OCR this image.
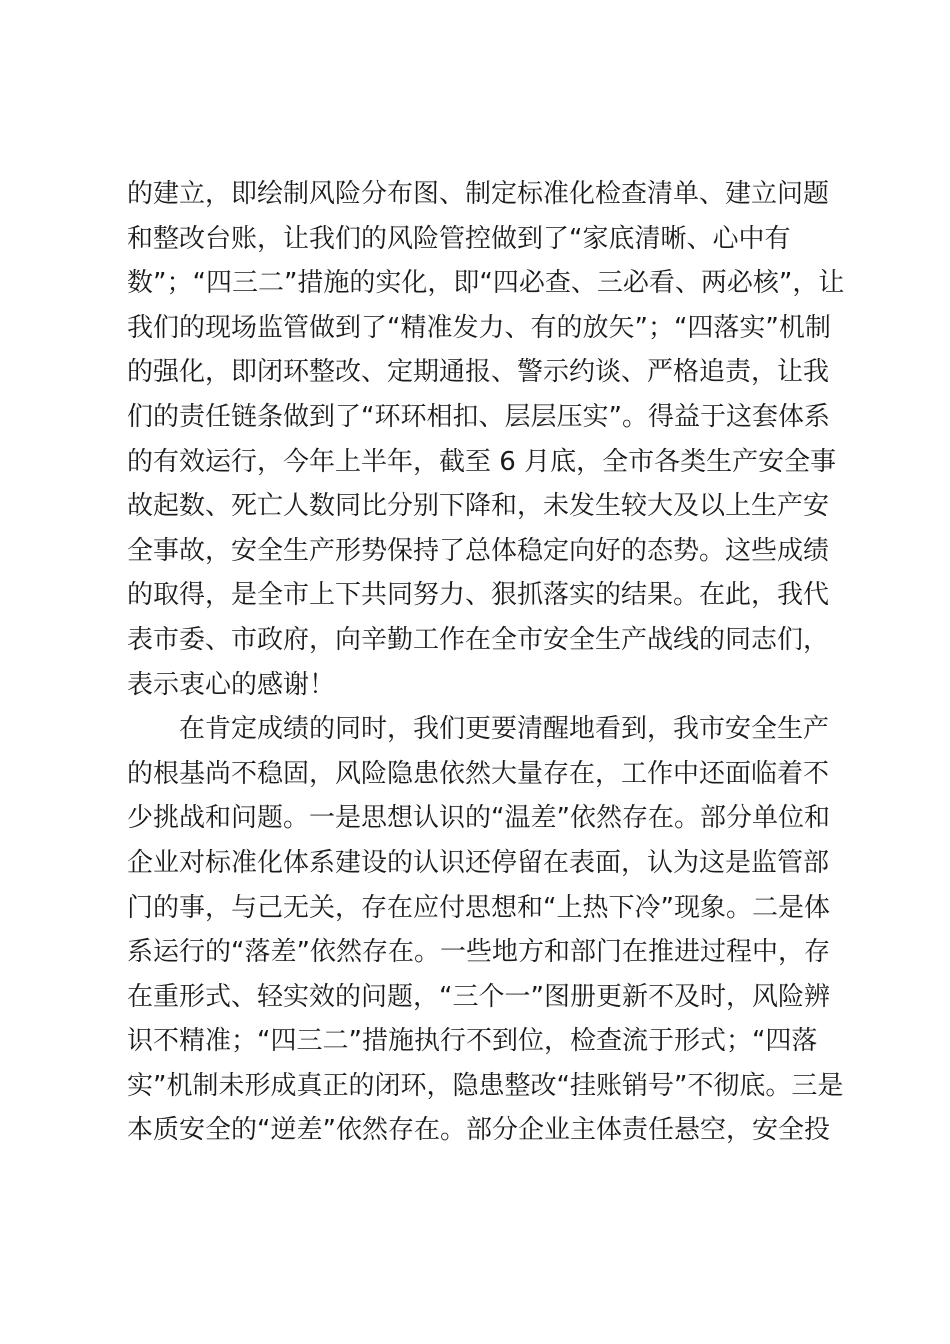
的建立，即绘制风险分布图、制定标准化检查清单、建立问题
和整改台账，让我们的风险管控做到了“家底清晰、心中有
数”；“四三二”措施的实化，即“四必查、三必看、两必核”，让
我们的现场监管做到了“精准发力、有的放矢”；“四落实”机制
的强化，即闭环整改、定期通报、警示约谈、严格追责，让我
们的责任链条做到了“环环相扣、层层压实”。得益于这套体系
的有效运行，今年上半年，截至 6 月底，全市各类生产安全事
故起数、死亡人数同比分别下降和，未发生较大及以上生产安
全事故，安全生产形势保持了总体稳定向好的态势。这些成绩
的取得，是全市上下共同努力、狠抓落实的结果。在此，我代
表市委、市政府，向辛勤工作在全市安全生产战线的同志们，
表示衷心的感谢！
在肯定成绩的同时，我们更要清醒地看到，我市安全生产
的根基尚不稳固，风险隐患依然大量存在，工作中还面临着不
少挑战和问题。一是思想认识的“温差”依然存在。部分单位和
企业对标准化体系建设的认识还停留在表面，认为这是监管部
门的事，与己无关，存在应付思想和“上热下冷”现象。二是体
系运行的“落差”依然存在。一些地方和部门在推进过程中，存
在重形式、轻实效的问题，“三个一”图册更新不及时，风险辨
识不精准；“四三二”措施执行不到位，检查流于形式；“四落
实”机制未形成真正的闭环，隐患整改“挂账销号”不彻底。三是
本质安全的“逆差”依然存在。部分企业主体责任悬空，安全投
